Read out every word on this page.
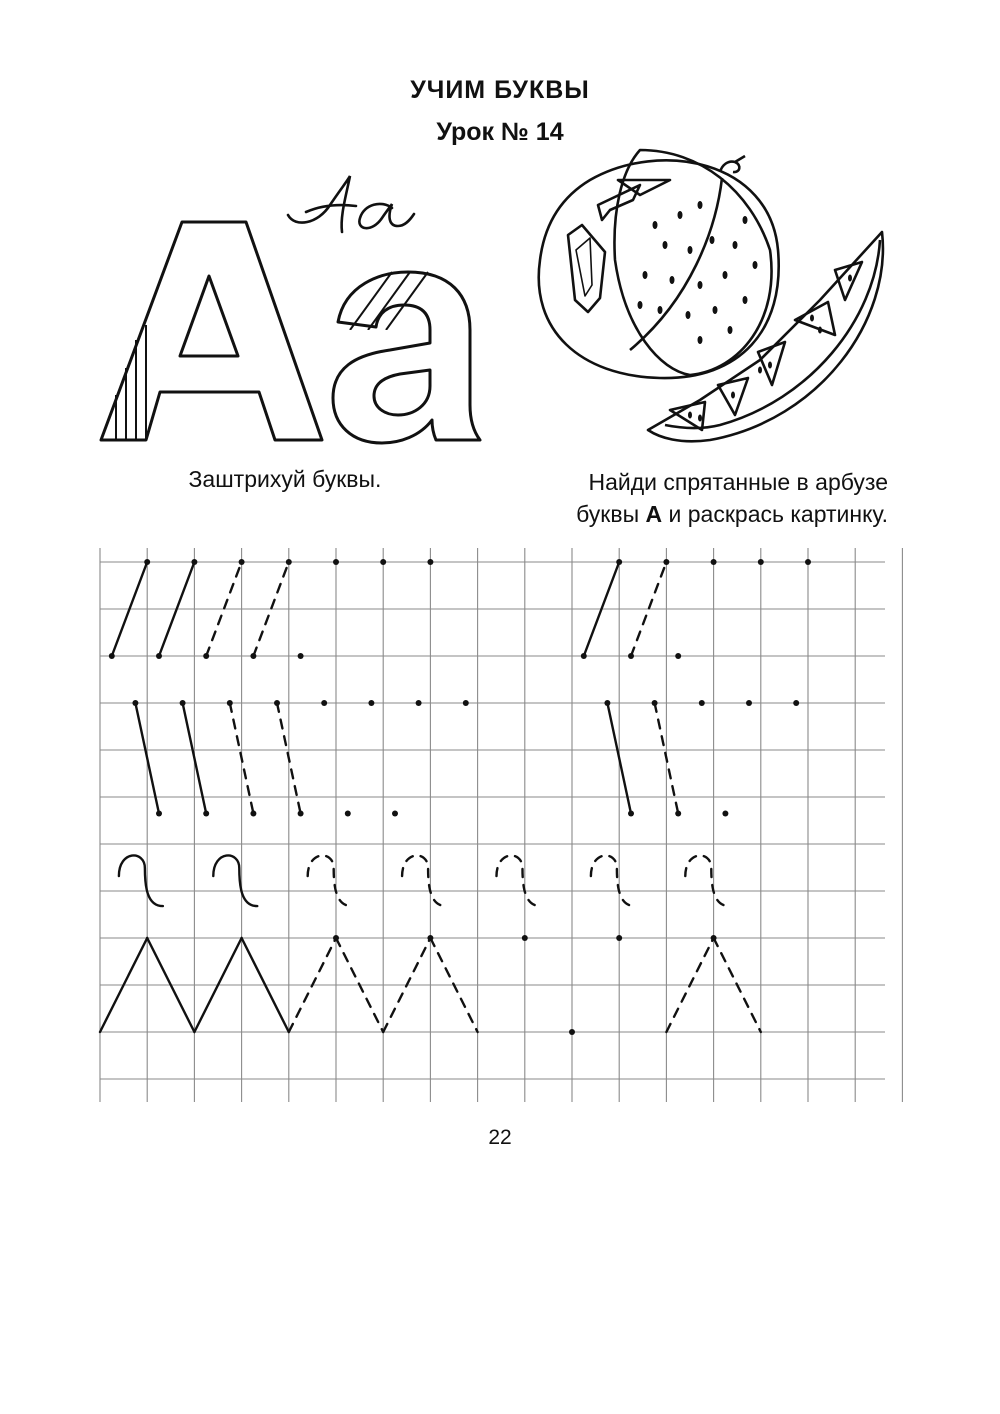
УЧИМ БУКВЫ
Урок № 14
Заштрихуй буквы.	Найди спрятанные в арбузе
буквы А и раскрась картинку.
22
